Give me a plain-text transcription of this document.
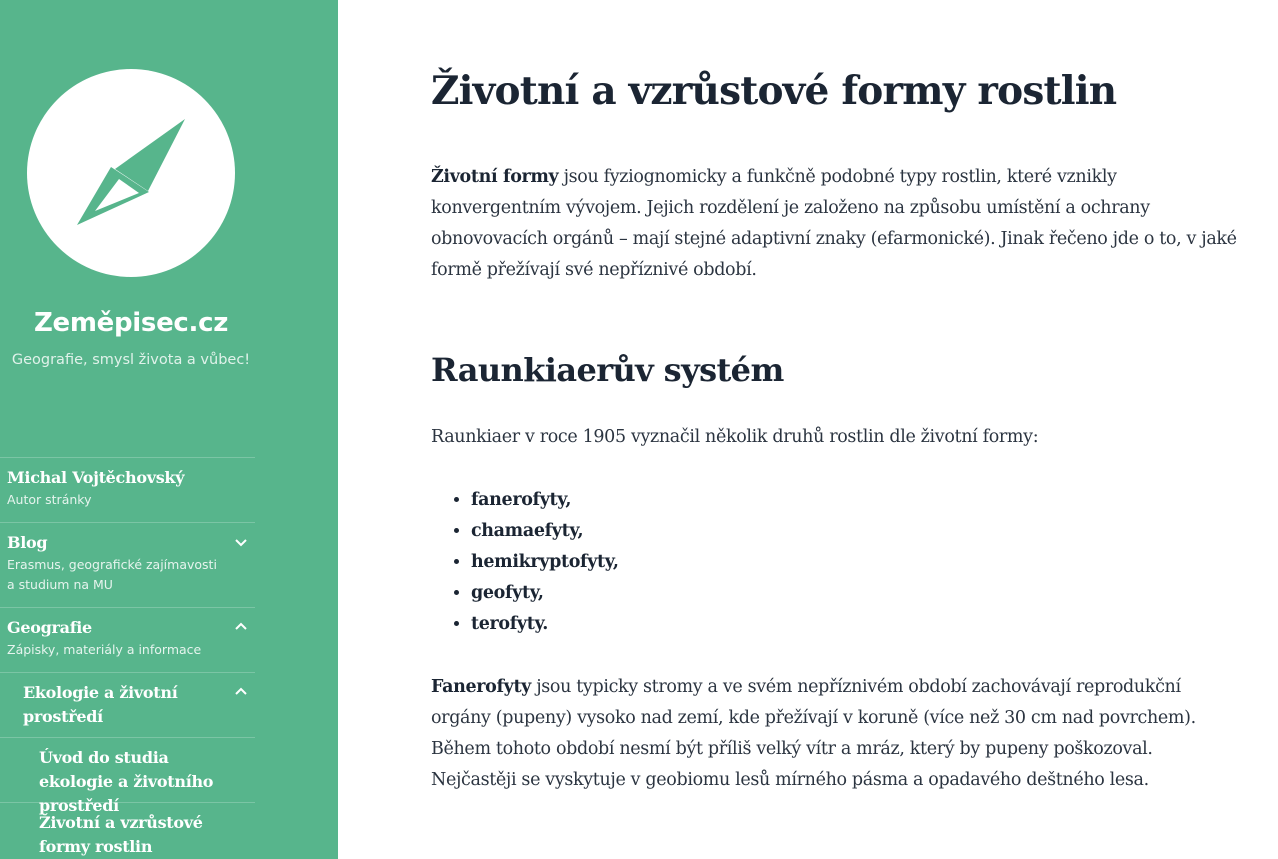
Zeměpisec.cz
Geografie, smysl života a vůbec!
Michal Vojtěchovský
Autor stránky
Blog
Erasmus, geografické zajímavosti
a studium na MU
Geografie
Zápisky, materiály a informace
Ekologie a životní prostředí
Úvod do studia ekologie a životního prostředí
Životní a vzrůstové formy rostlin
Životní a vzrůstové formy rostlin

Životní formy jsou fyziognomicky a funkčně podobné typy rostlin, které vznikly konvergentním vývojem. Jejich rozdělení je založeno na způsobu umístění a ochrany obnovovacích orgánů – mají stejné adaptivní znaky (efarmonické). Jinak řečeno jde o to, v jaké formě přežívají své nepříznivé období.

Raunkiaerův systém

Raunkiaer v roce 1905 vyznačil několik druhů rostlin dle životní formy:

• fanerofyty,
• chamaefyty,
• hemikryptofyty,
• geofyty,
• terofyty.

Fanerofyty jsou typicky stromy a ve svém nepříznivém období zachovávají reprodukční orgány (pupeny) vysoko nad zemí, kde přežívají v koruně (více než 30 cm nad povrchem). Během tohoto období nesmí být příliš velký vítr a mráz, který by pupeny poškozoval. Nejčastěji se vyskytuje v geobiomu lesů mírného pásma a opadavého deštného lesa.
